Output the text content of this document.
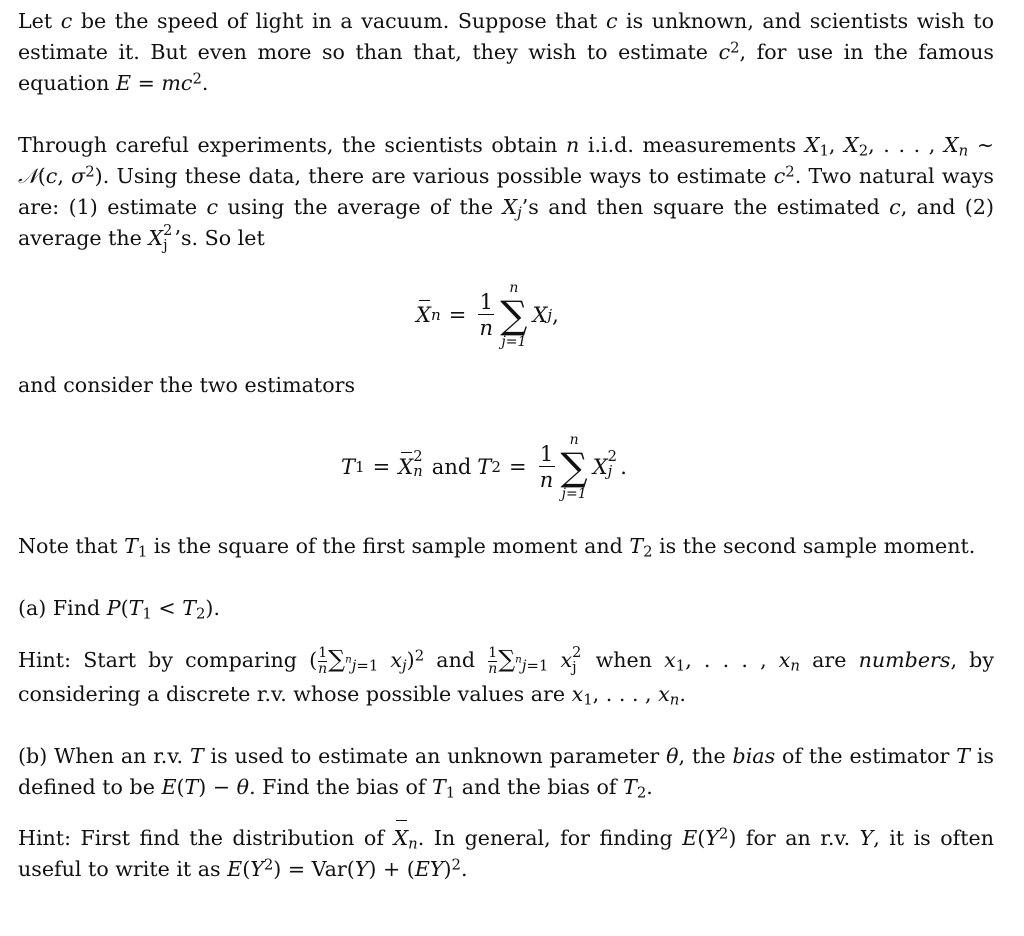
Let c be the speed of light in a vacuum. Suppose that c is unknown, and scientists wish to estimate it. But even more so than that, they wish to estimate $c^2$, for use in the famous equation $E = mc^2$.

Through careful experiments, the scientists obtain n i.i.d. measurements $X_1$, $X_2$, . . . , $X_n$ ∼ 𝒩(c, $\sigma^2$). Using these data, there are various possible ways to estimate $c^2$. Two natural ways are: (1) estimate c using the average of the $X_j’s$ and then square the estimated c, and (2) average the X 2
j ’s. So let

X $n = \frac{1}{n}$
n
∑
j=1
X j ,

and consider the two estimators

T 1 = X 2
n and T $2 = \frac{1}{n}$
n
∑
j=1
X 2
j .

Note that $T_1$ is the square of the first sample moment and $T_2$ is the second sample moment.

(a) Find $P(T_1 < T_2)$.

Hint: Start by comparing ( $\frac{1}{n} \sum^n_{j=1}$ $x_j)^2$ and $\frac{1}{n} \sum^n_{j=1}$ x 2
j when $x_1$, . . . , $x_n$ are numbers, by considering a discrete r.v. whose possible values are $x_1$, . . . , $x_n$.

(b) When an r.v. T is used to estimate an unknown parameter θ, the bias of the estimator T is defined to be E(T) − θ. Find the bias of $T_1$ and the bias of $T_2$.

Hint: First find the distribution of $X_n$. In general, for finding $E(Y^2)$ for an r.v. Y, it is often useful to write it as $E(Y^2) = Var(Y) + (EY)^2$.
